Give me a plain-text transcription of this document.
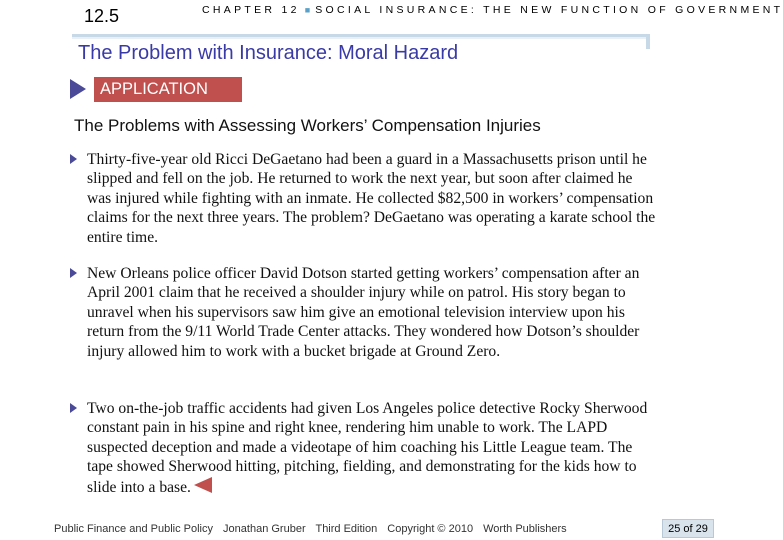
12.5	CHAPTER 12 ■ SOCIAL INSURANCE: THE NEW FUNCTION OF GOVERNMENT
The Problem with Insurance: Moral Hazard
APPLICATION
The Problems with Assessing Workers’ Compensation Injuries
Thirty-five-year old Ricci DeGaetano had been a guard in a Massachusetts prison until he slipped and fell on the job. He returned to work the next year, but soon after claimed he was injured while fighting with an inmate. He collected $82,500 in workers’ compensation claims for the next three years. The problem? DeGaetano was operating a karate school the entire time.
New Orleans police officer David Dotson started getting workers’ compensation after an April 2001 claim that he received a shoulder injury while on patrol. His story began to unravel when his supervisors saw him give an emotional television interview upon his return from the 9/11 World Trade Center attacks. They wondered how Dotson’s shoulder injury allowed him to work with a bucket brigade at Ground Zero.
Two on-the-job traffic accidents had given Los Angeles police detective Rocky Sherwood constant pain in his spine and right knee, rendering him unable to work. The LAPD suspected deception and made a videotape of him coaching his Little League team. The tape showed Sherwood hitting, pitching, fielding, and demonstrating for the kids how to slide into a base.
Public Finance and Public Policy Jonathan Gruber Third Edition Copyright © 2010 Worth Publishers	25 of 29
